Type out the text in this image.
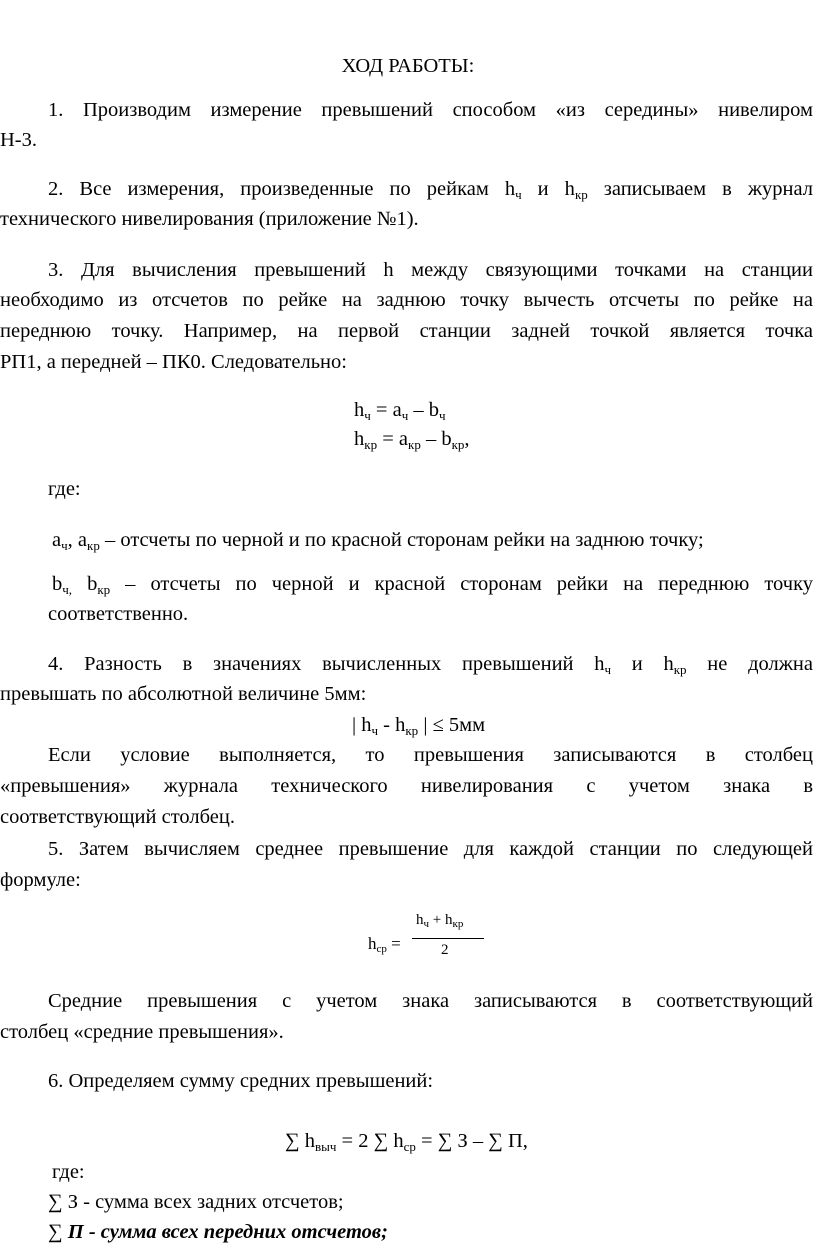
ХОД РАБОТЫ:
1. Производим измерение превышений способом «из середины» нивелиром
Н-3.
2. Все измерения, произведенные по рейкам $h_ч$ и $h_{кр}$ записываем в журнал
технического нивелирования (приложение №1).
3. Для вычисления превышений h между связующими точками на станции
необходимо из отсчетов по рейке на заднюю точку вычесть отсчеты по рейке на
переднюю точку. Например, на первой станции задней точкой является точка
РП1, а передней – ПК0. Следовательно:
$h_ч = a_ч - b_ч$
$h_{кр} = a_{кр} - b_{кр}$,
где:
$a_ч$, $a_{кр}$ – отсчеты по черной и по красной сторонам рейки на заднюю точку;
$b_{ч,}$ $b_{кр}$ – отсчеты по черной и красной сторонам рейки на переднюю точку
соответственно.
4. Разность в значениях вычисленных превышений $h_ч$ и $h_{кр}$ не должна
превышать по абсолютной величине 5мм:
| $h_ч - h_{кр}$ | ≤ 5мм
Если условие выполняется, то превышения записываются в столбец
«превышения» журнала технического нивелирования с учетом знака в
соответствующий столбец.
5. Затем вычисляем среднее превышение для каждой станции по следующей
формуле:
$h_{ср}$ =
$h_ч + h_{кр}$
2
Средние превышения с учетом знака записываются в соответствующий
столбец «средние превышения».
6. Определяем сумму средних превышений:
∑ $h_{выч} = 2$ ∑ $h_{ср}$ = ∑ З – ∑ П,
где:
∑ З - сумма всех задних отсчетов;
∑ П - сумма всех передних отсчетов;
